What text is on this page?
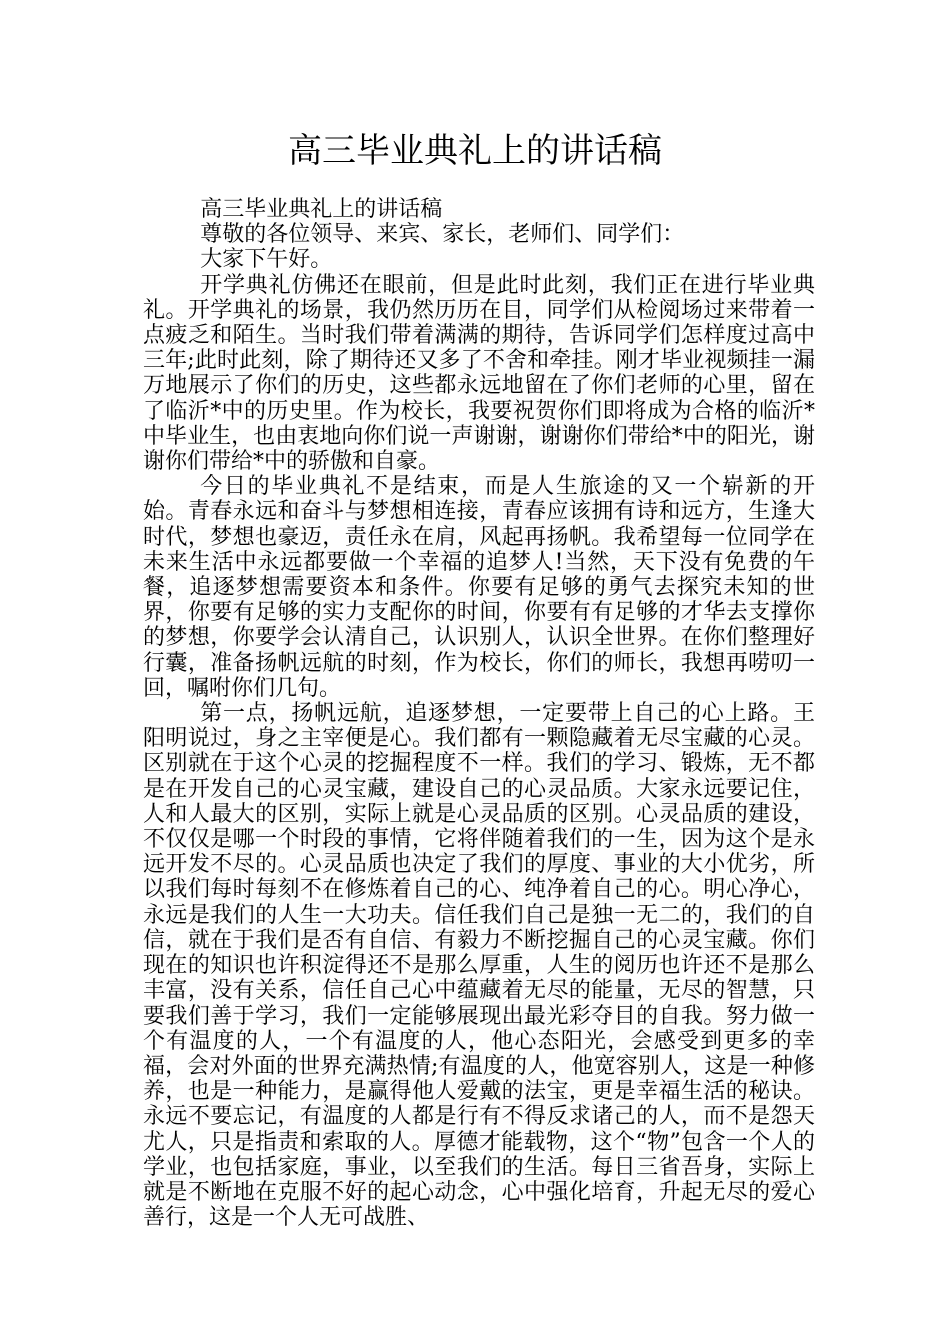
高三毕业典礼上的讲话稿

高三毕业典礼上的讲话稿

尊敬的各位领导、来宾、家长，老师们、同学们：

大家下午好。

开学典礼仿佛还在眼前，但是此时此刻，我们正在进行毕业典礼。开学典礼的场景，我仍然历历在目，同学们从检阅场过来带着一点疲乏和陌生。当时我们带着满满的期待，告诉同学们怎样度过高中三年;此时此刻，除了期待还又多了不舍和牵挂。刚才毕业视频挂一漏万地展示了你们的历史，这些都永远地留在了你们老师的心里，留在了临沂*中的历史里。作为校长，我要祝贺你们即将成为合格的临沂*中毕业生，也由衷地向你们说一声谢谢，谢谢你们带给*中的阳光，谢谢你们带给*中的骄傲和自豪。

今日的毕业典礼不是结束，而是人生旅途的又一个崭新的开始。青春永远和奋斗与梦想相连接，青春应该拥有诗和远方，生逢大时代，梦想也豪迈，责任永在肩，风起再扬帆。我希望每一位同学在未来生活中永远都要做一个幸福的追梦人!当然，天下没有免费的午餐，追逐梦想需要资本和条件。你要有足够的勇气去探究未知的世界，你要有足够的实力支配你的时间，你要有有足够的才华去支撑你的梦想，你要学会认清自己，认识别人，认识全世界。在你们整理好行囊，准备扬帆远航的时刻，作为校长，你们的师长，我想再唠叨一回，嘱咐你们几句。

第一点，扬帆远航，追逐梦想，一定要带上自己的心上路。王阳明说过，身之主宰便是心。我们都有一颗隐藏着无尽宝藏的心灵。区别就在于这个心灵的挖掘程度不一样。我们的学习、锻炼，无不都是在开发自己的心灵宝藏，建设自己的心灵品质。大家永远要记住，人和人最大的区别，实际上就是心灵品质的区别。心灵品质的建设，不仅仅是哪一个时段的事情，它将伴随着我们的一生，因为这个是永远开发不尽的。心灵品质也决定了我们的厚度、事业的大小优劣，所以我们每时每刻不在修炼着自己的心、纯净着自己的心。明心净心，永远是我们的人生一大功夫。信任我们自己是独一无二的，我们的自信，就在于我们是否有自信、有毅力不断挖掘自己的心灵宝藏。你们现在的知识也许积淀得还不是那么厚重，人生的阅历也许还不是那么丰富，没有关系，信任自己心中蕴藏着无尽的能量，无尽的智慧，只要我们善于学习，我们一定能够展现出最光彩夺目的自我。努力做一个有温度的人，一个有温度的人，他心态阳光，会感受到更多的幸福，会对外面的世界充满热情;有温度的人，他宽容别人，这是一种修养，也是一种能力，是赢得他人爱戴的法宝，更是幸福生活的秘诀。永远不要忘记，有温度的人都是行有不得反求诸己的人，而不是怨天尤人，只是指责和索取的人。厚德才能载物，这个“物”包含一个人的学业，也包括家庭，事业，以至我们的生活。每日三省吾身，实际上就是不断地在克服不好的起心动念，心中强化培育，升起无尽的爱心善行，这是一个人无可战胜、
